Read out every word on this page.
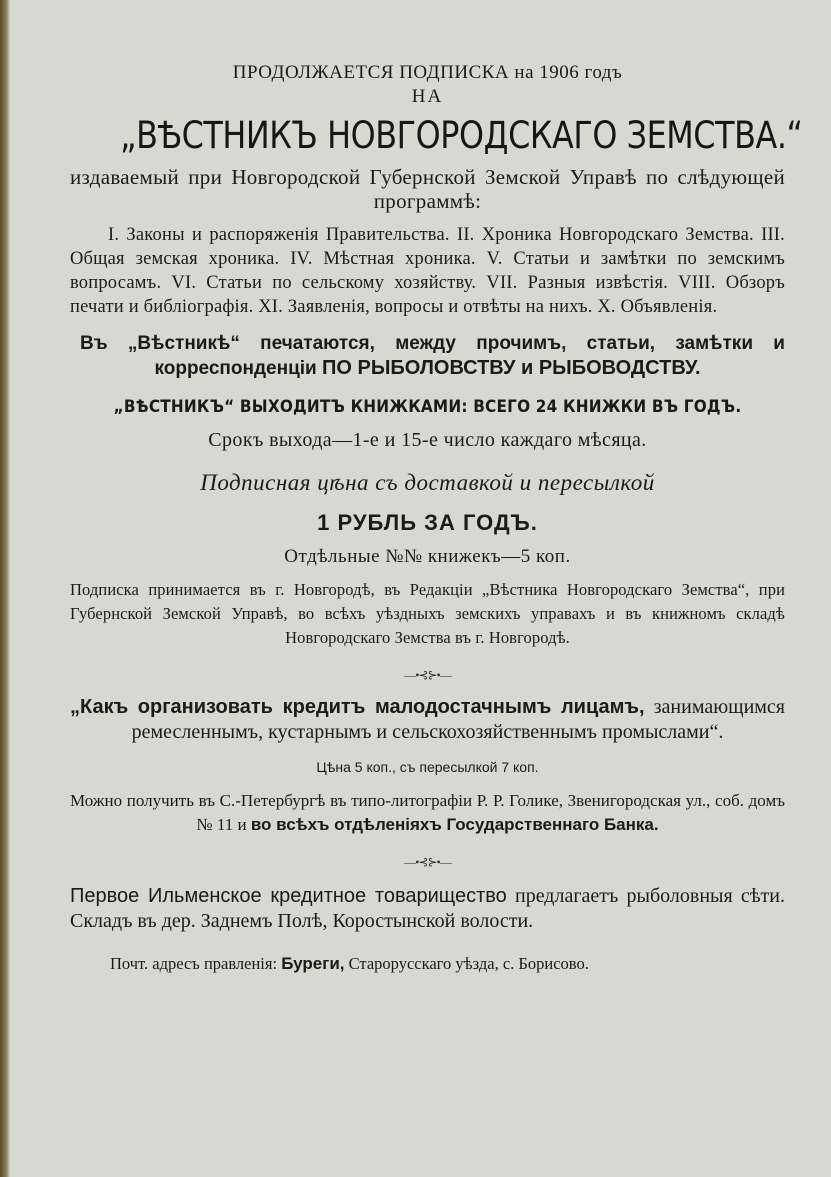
ПРОДОЛЖАЕТСЯ ПОДПИСКА на 1906 годъ
НА
„ВѢСТНИКЪ НОВГОРОДСКАГО ЗЕМСТВА.“
издаваемый при Новгородской Губернской Земской Управѣ по слѣдующей программѣ:

I. Законы и распоряженія Правительства. II. Хроника Новгородскаго Земства. III. Общая земская хроника. IV. Мѣстная хроника. V. Статьи и замѣтки по земскимъ вопросамъ. VI. Статьи по сельскому хозяйству. VII. Разныя извѣстія. VIII. Обзоръ печати и библіографія. XI. Заявленія, вопросы и отвѣты на нихъ. X. Объявленія.

Въ „Вѣстникѣ“ печатаются, между прочимъ, статьи, замѣтки и корреспонденціи ПО РЫБОЛОВСТВУ и РЫБОВОДСТВУ.
„ВѢСТНИКЪ“ ВЫХОДИТЪ КНИЖКАМИ: ВСЕГО 24 КНИЖКИ ВЪ ГОДЪ.
Срокъ выхода—1-е и 15-е число каждаго мѣсяца.
Подписная цѣна съ доставкой и пересылкой
1 РУБЛЬ ЗА ГОДЪ.
Отдѣльные №№ книжекъ—5 коп.
Подписка принимается въ г. Новгородѣ, въ Редакціи „Вѣстника Новгородскаго Земства“, при Губернской Земской Управѣ, во всѣхъ уѣздныхъ земскихъ управахъ и въ книжномъ складѣ Новгородскаго Земства въ г. Новгородѣ.
—•⊰⊱•—
„Какъ организовать кредитъ малодостачнымъ лицамъ, занимающимся ремесленнымъ, кустарнымъ и сельскохозяйственнымъ промыслами“.
Цѣна 5 коп., съ пересылкой 7 коп.
Можно получить въ С.-Петербургѣ въ типо-литографіи Р. Р. Голике, Звенигородская ул., соб. домъ № 11 и во всѣхъ отдѣленіяхъ Государственнаго Банка.
—•⊰⊱•—
Первое Ильменское кредитное товарищество предлагаетъ рыболовныя сѣти. Складъ въ дер. Заднемъ Полѣ, Коростынской волости.
Почт. адресъ правленія: Буреги, Старорусскаго уѣзда, с. Борисово.
